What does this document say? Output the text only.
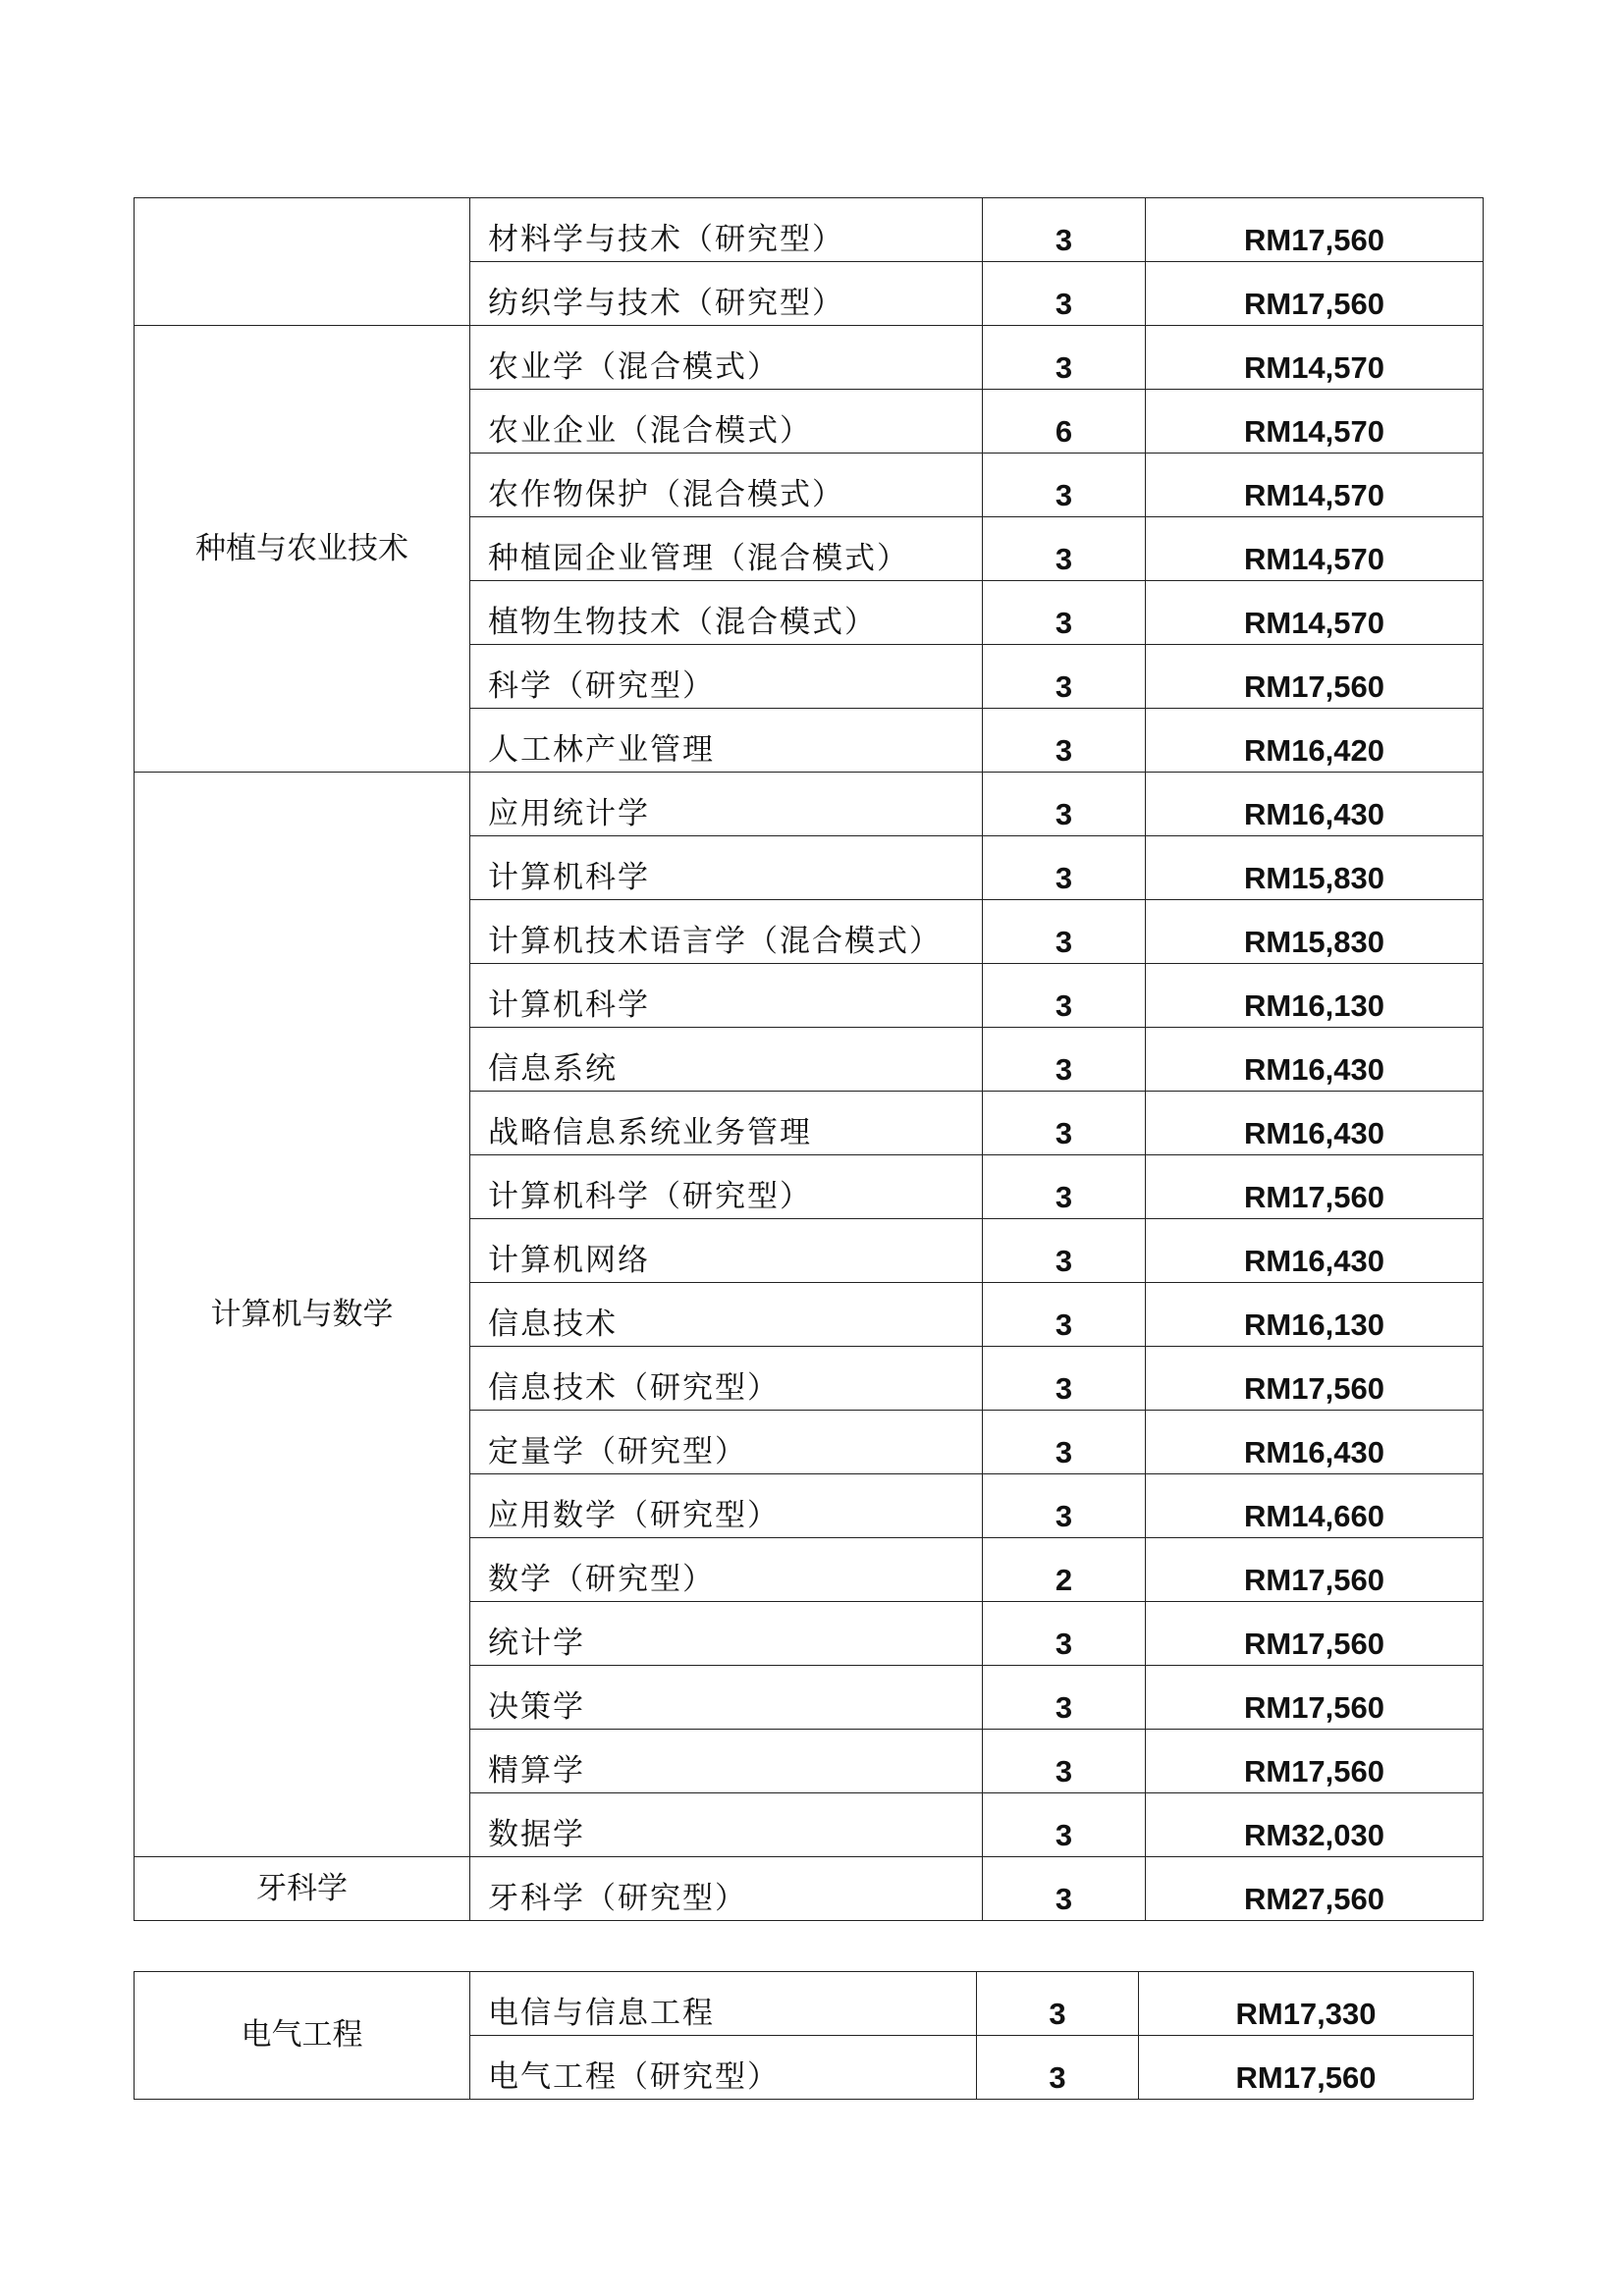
	材料学与技术（研究型）	3	RM17,560
	纺织学与技术（研究型）	3	RM17,560
种植与农业技术	农业学（混合模式）	3	RM14,570
	农业企业（混合模式）	6	RM14,570
	农作物保护（混合模式）	3	RM14,570
	种植园企业管理（混合模式）	3	RM14,570
	植物生物技术（混合模式）	3	RM14,570
	科学（研究型）	3	RM17,560
	人工林产业管理	3	RM16,420
计算机与数学	应用统计学	3	RM16,430
	计算机科学	3	RM15,830
	计算机技术语言学（混合模式）	3	RM15,830
	计算机科学	3	RM16,130
	信息系统	3	RM16,430
	战略信息系统业务管理	3	RM16,430
	计算机科学（研究型）	3	RM17,560
	计算机网络	3	RM16,430
	信息技术	3	RM16,130
	信息技术（研究型）	3	RM17,560
	定量学（研究型）	3	RM16,430
	应用数学（研究型）	3	RM14,660
	数学（研究型）	2	RM17,560
	统计学	3	RM17,560
	决策学	3	RM17,560
	精算学	3	RM17,560
	数据学	3	RM32,030
牙科学	牙科学（研究型）	3	RM27,560
电气工程	电信与信息工程	3	RM17,330
	电气工程（研究型）	3	RM17,560
